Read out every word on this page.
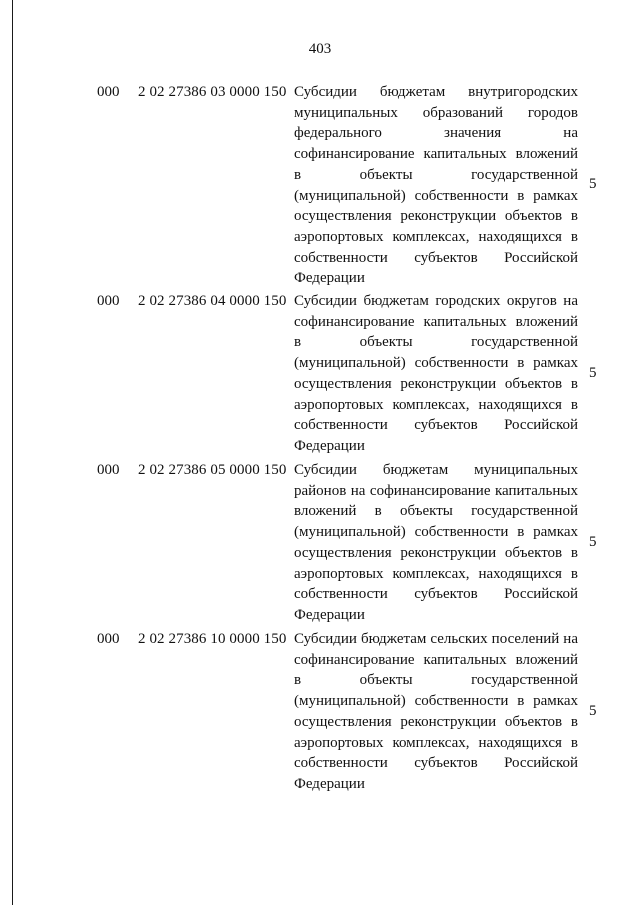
403
000 2 02 27386 03 0000 150 Субсидии бюджетам внутригородских
муниципальных образований городов
федерального значения на
софинансирование капитальных вложений
в объекты государственной
(муниципальной) собственности в рамках
осуществления реконструкции объектов в
аэропортовых комплексах, находящихся в
собственности субъектов Российской
Федерации
5
000 2 02 27386 04 0000 150 Субсидии бюджетам городских округов на
софинансирование капитальных вложений
в объекты государственной
(муниципальной) собственности в рамках
осуществления реконструкции объектов в
аэропортовых комплексах, находящихся в
собственности субъектов Российской
Федерации
5
000 2 02 27386 05 0000 150 Субсидии бюджетам муниципальных
районов на софинансирование капитальных
вложений в объекты государственной
(муниципальной) собственности в рамках
осуществления реконструкции объектов в
аэропортовых комплексах, находящихся в
собственности субъектов Российской
Федерации
5
000 2 02 27386 10 0000 150 Субсидии бюджетам сельских поселений на
софинансирование капитальных вложений
в объекты государственной
(муниципальной) собственности в рамках
осуществления реконструкции объектов в
аэропортовых комплексах, находящихся в
собственности субъектов Российской
Федерации
5
